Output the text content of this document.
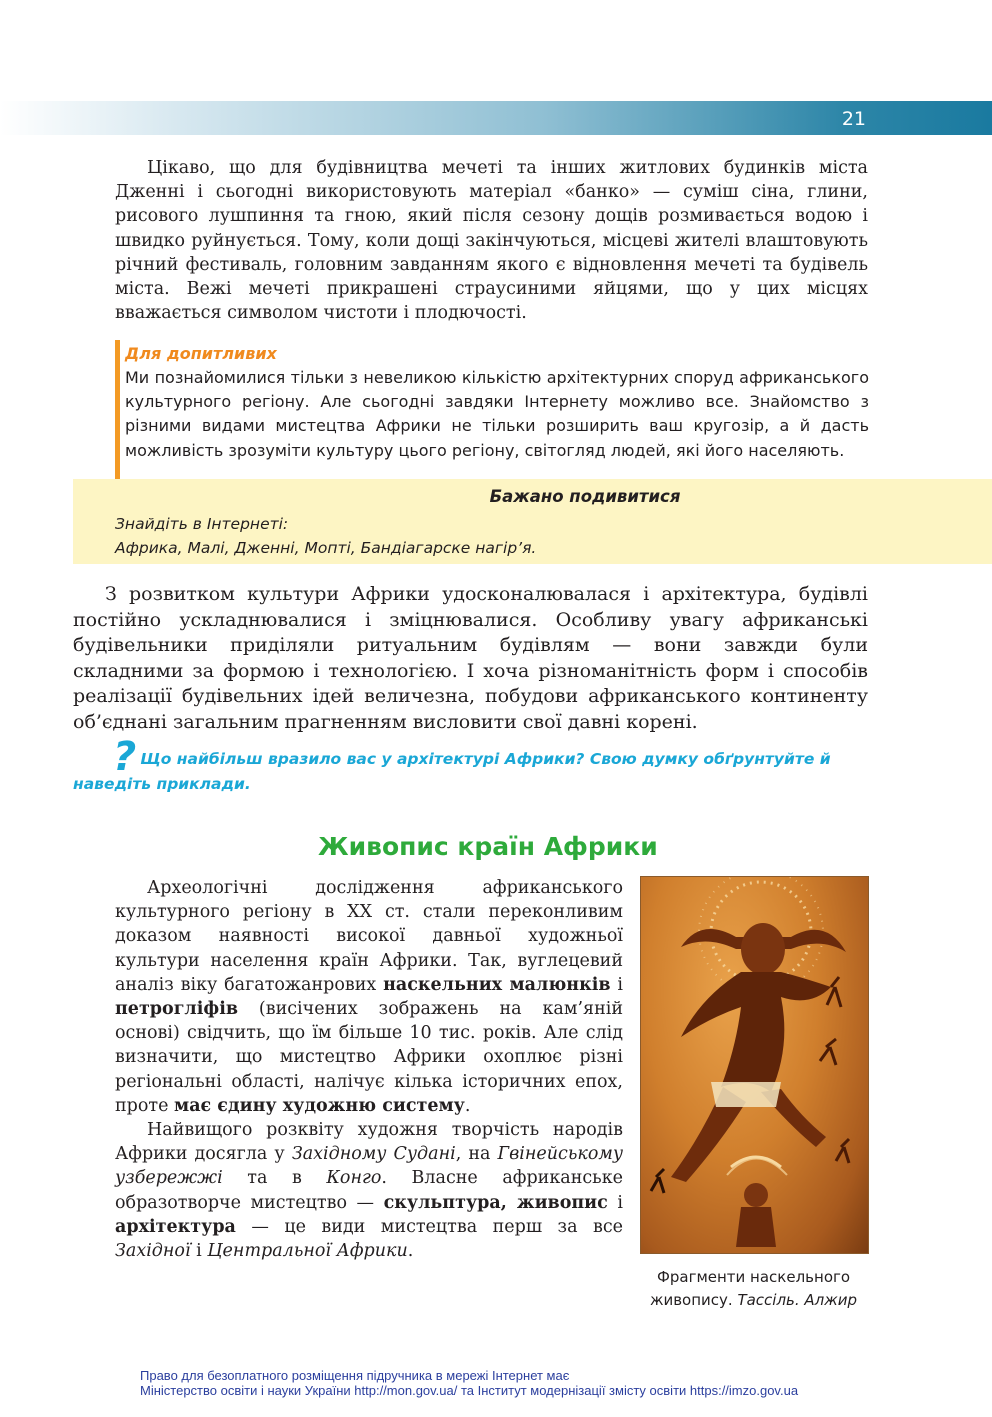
21

Цікаво, що для будівництва мечеті та інших житлових будинків міста Дженні і сьогодні використовують матеріал «банко» — суміш сіна, глини, рисового лушпиння та гною, який після сезону дощів розмивається водою і швидко руйнується. Тому, коли дощі закінчуються, місцеві жителі влаштовують річний фестиваль, головним завданням якого є відновлення мечеті та будівель міста. Вежі мечеті прикрашені страусиними яйцями, що у цих місцях вважається символом чистоти і плодючості.

Для допитливих

Ми познайомилися тільки з невеликою кількістю архітектурних споруд африканського культурного регіону. Але сьогодні завдяки Інтернету можливо все. Знайомство з різними видами мистецтва Африки не тільки розширить ваш кругозір, а й дасть можливість зрозуміти культуру цього регіону, світогляд людей, які його населяють.

Бажано подивитися
Знайдіть в Інтернеті:
Африка, Малі, Дженні, Мопті, Бандіагарске нагір’я.

З розвитком культури Африки удосконалювалася і архітектура, будівлі постійно ускладнювалися і зміцнювалися. Особливу увагу африканські будівельники приділяли ритуальним будівлям — вони завжди були складними за формою і технологією. І хоча різноманітність форм і способів реалізації будівельних ідей величезна, побудови африканського континенту об’єднані загальним прагненням висловити свої давні корені.

? Що найбільш вразило вас у архітектурі Африки? Свою думку обґрунтуйте й наведіть приклади.
Живопис країн Африки

Археологічні дослідження африканського культурного регіону в XX ст. стали переконливим доказом наявності високої давньої художньої культури населення країн Африки. Так, вуглецевий аналіз віку багатожанрових наскельних малюнків і петрогліфів (висічених зображень на кам’яній основі) свідчить, що їм більше 10 тис. років. Але слід визначити, що мистецтво Африки охоплює різні регіональні області, налічує кілька історичних епох, проте має єдину художню систему.

Найвищого розквіту художня творчість народів Африки досягла у Західному Судані, на Гвінейському узбережжі та в Конго. Власне африканське образотворче мистецтво — скульптура, живопис і архітектура — це види мистецтва перш за все Західної і Центральної Африки.

Фрагменти наскельного
живопису. Тассіль. Алжир
Право для безоплатного розміщення підручника в мережі Інтернет має
Міністерство освіти і науки України http://mon.gov.ua/ та Інститут модернізації змісту освіти https://imzo.gov.ua
